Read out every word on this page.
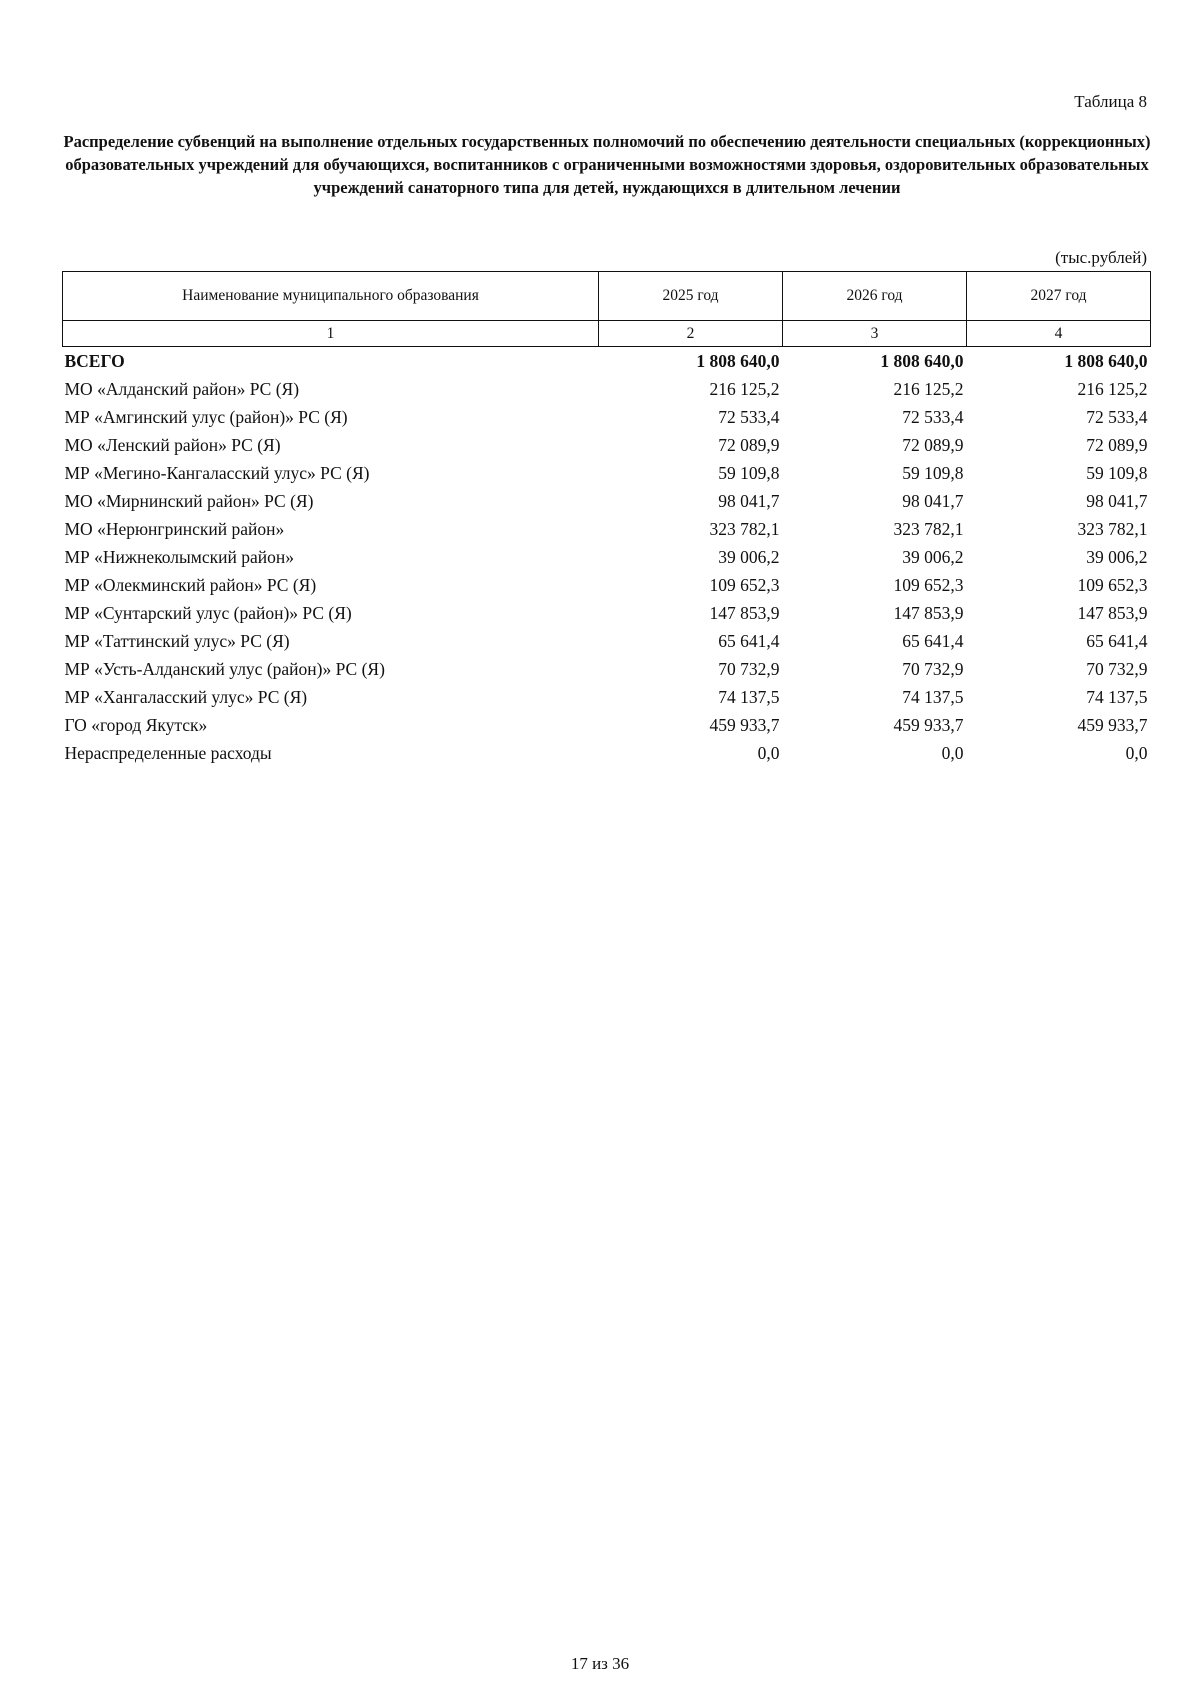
Таблица 8
Распределение субвенций на выполнение отдельных государственных полномочий по обеспечению деятельности специальных (коррекционных) образовательных учреждений для обучающихся, воспитанников с ограниченными возможностями здоровья, оздоровительных образовательных учреждений санаторного типа для детей, нуждающихся в длительном лечении
(тыс.рублей)
Наименование муниципального образования	2025 год	2026 год	2027 год
1	2	3	4
ВСЕГО	1 808 640,0	1 808 640,0	1 808 640,0
МО «Алданский район» РС (Я)	216 125,2	216 125,2	216 125,2
МР «Амгинский улус (район)» РС (Я)	72 533,4	72 533,4	72 533,4
МО «Ленский район» РС (Я)	72 089,9	72 089,9	72 089,9
МР «Мегино-Кангаласский улус» РС (Я)	59 109,8	59 109,8	59 109,8
МО «Мирнинский район» РС (Я)	98 041,7	98 041,7	98 041,7
МО «Нерюнгринский район»	323 782,1	323 782,1	323 782,1
МР «Нижнеколымский район»	39 006,2	39 006,2	39 006,2
МР «Олекминский район» РС (Я)	109 652,3	109 652,3	109 652,3
МР «Сунтарский улус (район)» РС (Я)	147 853,9	147 853,9	147 853,9
МР «Таттинский улус» РС (Я)	65 641,4	65 641,4	65 641,4
МР «Усть-Алданский улус (район)» РС (Я)	70 732,9	70 732,9	70 732,9
МР «Хангаласский улус» РС (Я)	74 137,5	74 137,5	74 137,5
ГО «город Якутск»	459 933,7	459 933,7	459 933,7
Нераспределенные расходы	0,0	0,0	0,0
17 из 36
